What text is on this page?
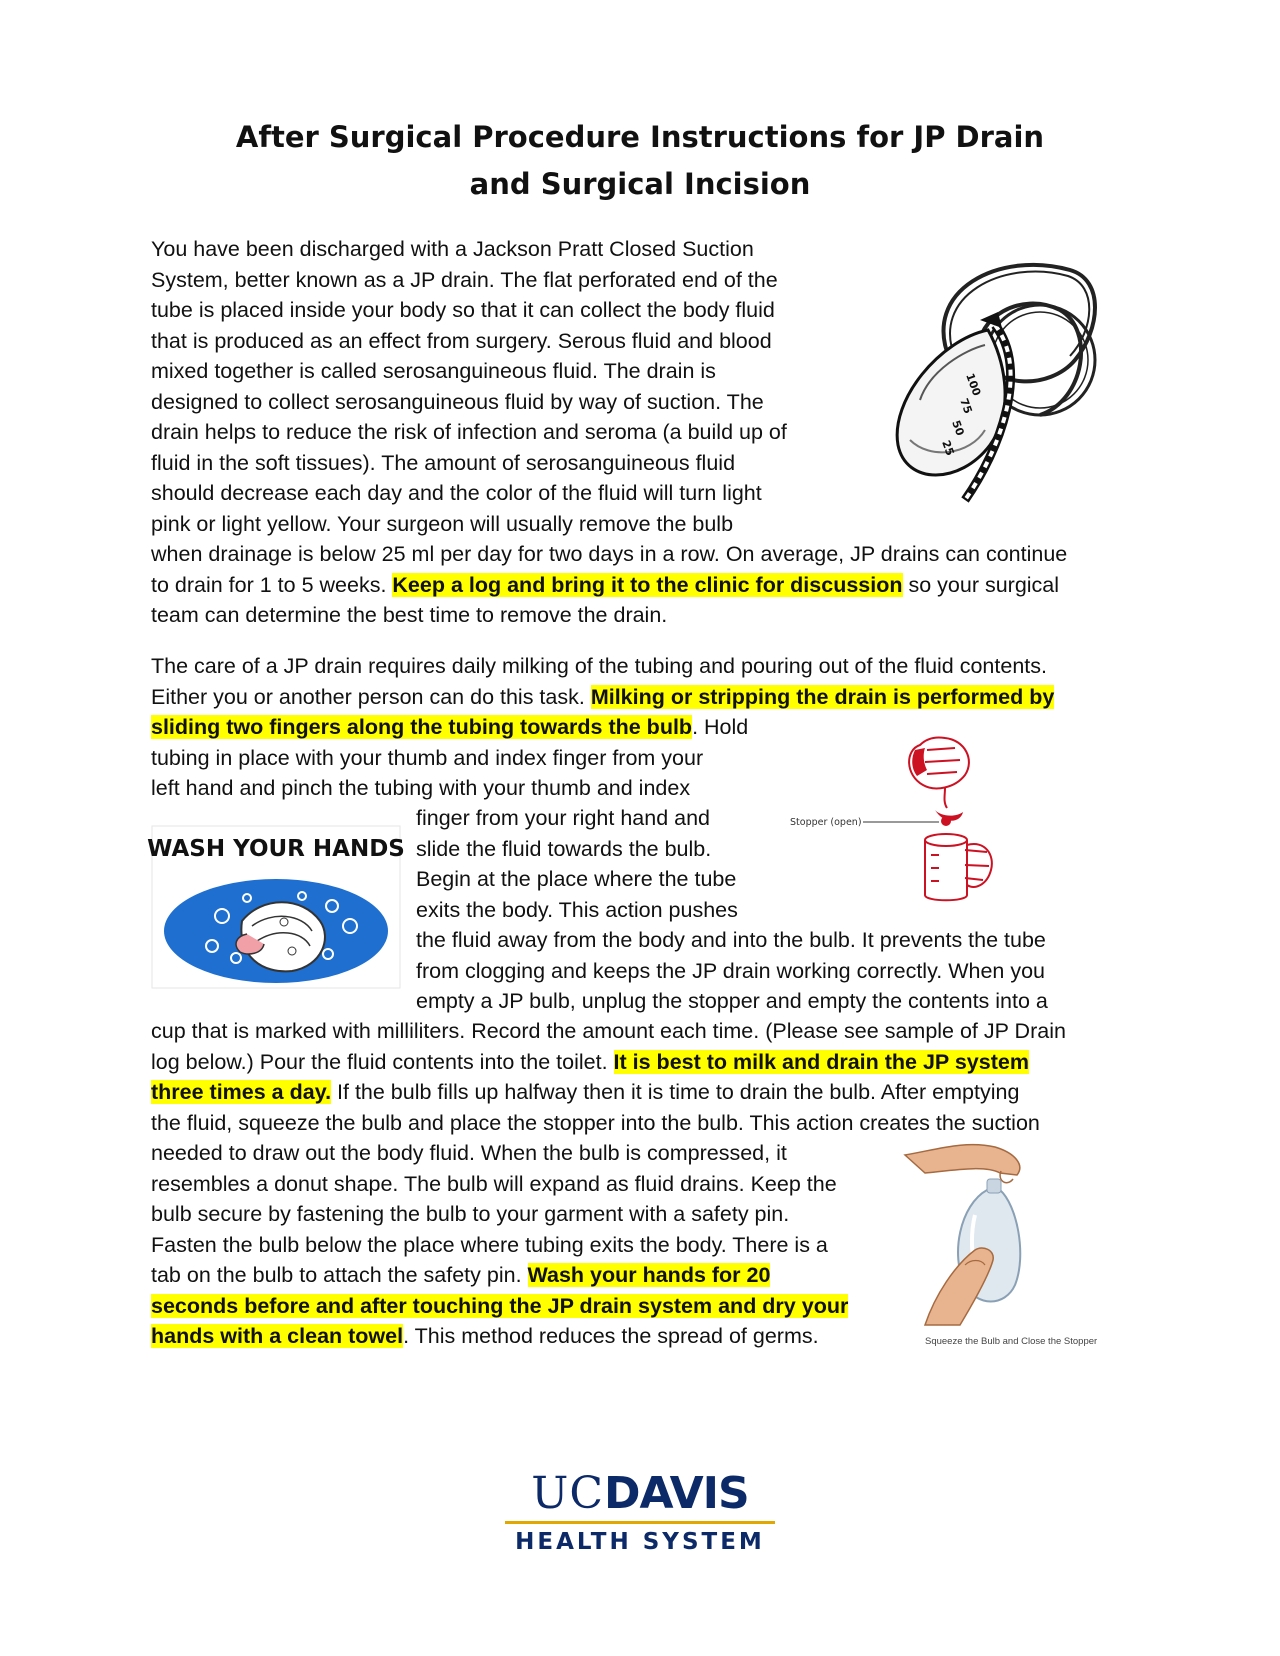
After Surgical Procedure Instructions for JP Drain
and Surgical Incision
You have been discharged with a Jackson Pratt Closed Suction
System, better known as a JP drain. The flat perforated end of the
tube is placed inside your body so that it can collect the body fluid
that is produced as an effect from surgery. Serous fluid and blood
mixed together is called serosanguineous fluid. The drain is
designed to collect serosanguineous fluid by way of suction. The
drain helps to reduce the risk of infection and seroma (a build up of
fluid in the soft tissues). The amount of serosanguineous fluid
should decrease each day and the color of the fluid will turn light
pink or light yellow. Your surgeon will usually remove the bulb
when drainage is below 25 ml per day for two days in a row. On average, JP drains can continue
to drain for 1 to 5 weeks. Keep a log and bring it to the clinic for discussion so your surgical
team can determine the best time to remove the drain.
100
75
50
25
The care of a JP drain requires daily milking of the tubing and pouring out of the fluid contents.
Either you or another person can do this task. Milking or stripping the drain is performed by
sliding two fingers along the tubing towards the bulb. Hold
tubing in place with your thumb and index finger from your
left hand and pinch the tubing with your thumb and index
finger from your right hand and
slide the fluid towards the bulb.
Begin at the place where the tube
exits the body. This action pushes
the fluid away from the body and into the bulb. It prevents the tube
from clogging and keeps the JP drain working correctly. When you
empty a JP bulb, unplug the stopper and empty the contents into a
cup that is marked with milliliters. Record the amount each time. (Please see sample of JP Drain
log below.) Pour the fluid contents into the toilet. It is best to milk and drain the JP system
three times a day. If the bulb fills up halfway then it is time to drain the bulb. After emptying
the fluid, squeeze the bulb and place the stopper into the bulb. This action creates the suction
needed to draw out the body fluid. When the bulb is compressed, it
resembles a donut shape. The bulb will expand as fluid drains. Keep the
bulb secure by fastening the bulb to your garment with a safety pin.
Fasten the bulb below the place where tubing exits the body. There is a
tab on the bulb to attach the safety pin. Wash your hands for 20
seconds before and after touching the JP drain system and dry your
hands with a clean towel. This method reduces the spread of germs.
WASH YOUR HANDS
Stopper (open)
Squeeze the Bulb and Close the Stopper
UCDAVIS
HEALTH SYSTEM
